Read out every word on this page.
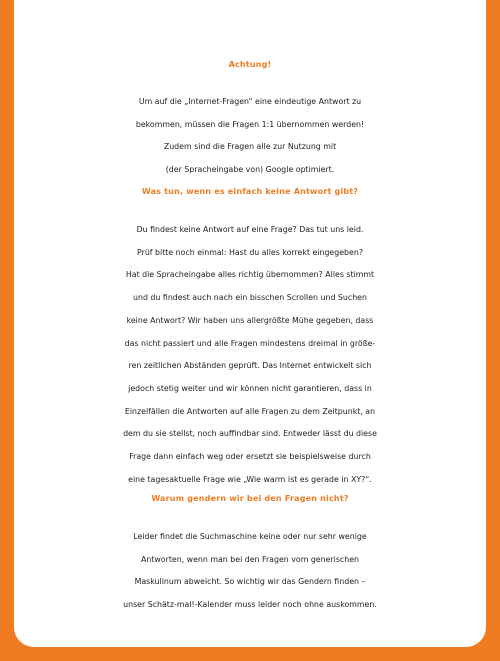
Achtung!
Um auf die „Internet-Fragen“ eine eindeutige Antwort zu
bekommen, müssen die Fragen 1:1 übernommen werden!
Zudem sind die Fragen alle zur Nutzung mit
(der Spracheingabe von) Google optimiert.
Was tun, wenn es einfach keine Antwort gibt?
Du findest keine Antwort auf eine Frage? Das tut uns leid.
Prüf bitte noch einmal: Hast du alles korrekt eingegeben?
Hat die Spracheingabe alles richtig übernommen? Alles stimmt
und du findest auch nach ein bisschen Scrollen und Suchen
keine Antwort? Wir haben uns allergrößte Mühe gegeben, dass
das nicht passiert und alle Fragen mindestens dreimal in größe-
ren zeitlichen Abständen geprüft. Das Internet entwickelt sich
jedoch stetig weiter und wir können nicht garantieren, dass in
Einzelfällen die Antworten auf alle Fragen zu dem Zeitpunkt, an
dem du sie stellst, noch auffindbar sind. Entweder lässt du diese
Frage dann einfach weg oder ersetzt sie beispielsweise durch
eine tagesaktuelle Frage wie „Wie warm ist es gerade in XY?“.
Warum gendern wir bei den Fragen nicht?
Leider findet die Suchmaschine keine oder nur sehr wenige
Antworten, wenn man bei den Fragen vom generischen
Maskulinum abweicht. So wichtig wir das Gendern finden –
unser Schätz-mal!-Kalender muss leider noch ohne auskommen.
